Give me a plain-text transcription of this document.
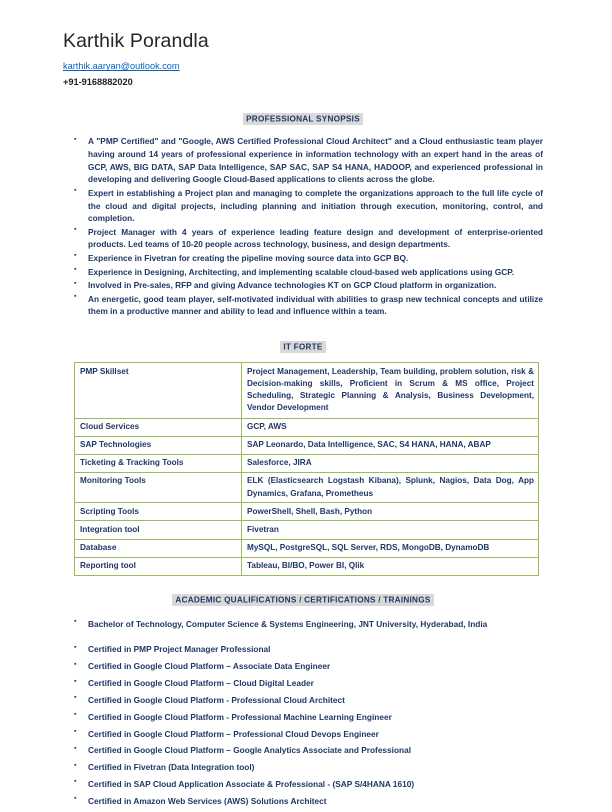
Karthik Porandla
karthik.aaryan@outlook.com
+91-9168882020
PROFESSIONAL SYNOPSIS
▪ A "PMP Certified" and "Google, AWS Certified Professional Cloud Architect" and a Cloud enthusiastic team player having around 14 years of professional experience in information technology with an expert hand in the areas of GCP, AWS, BIG DATA, SAP Data Intelligence, SAP SAC, SAP S4 HANA, HADOOP, and experienced professional in developing and delivering Google Cloud-Based applications to clients across the globe.
▪ Expert in establishing a Project plan and managing to complete the organizations approach to the full life cycle of the cloud and digital projects, including planning and initiation through execution, monitoring, control, and completion.
▪ Project Manager with 4 years of experience leading feature design and development of enterprise-oriented products. Led teams of 10-20 people across technology, business, and design departments.
▪ Experience in Fivetran for creating the pipeline moving source data into GCP BQ.
▪ Experience in Designing, Architecting, and implementing scalable cloud-based web applications using GCP.
▪ Involved in Pre-sales, RFP and giving Advance technologies KT on GCP Cloud platform in organization.
▪ An energetic, good team player, self-motivated individual with abilities to grasp new technical concepts and utilize them in a productive manner and ability to lead and influence within a team.
IT FORTE
PMP Skillset	Project Management, Leadership, Team building, problem solution, risk & Decision-making skills, Proficient in Scrum & MS office, Project Scheduling, Strategic Planning & Analysis, Business Development, Vendor Development
Cloud Services	GCP, AWS
SAP Technologies	SAP Leonardo, Data Intelligence, SAC, S4 HANA, HANA, ABAP
Ticketing & Tracking Tools	Salesforce, JIRA
Monitoring Tools	ELK (Elasticsearch Logstash Kibana), Splunk, Nagios, Data Dog, App Dynamics, Grafana, Prometheus
Scripting Tools	PowerShell, Shell, Bash, Python
Integration tool	Fivetran
Database	MySQL, PostgreSQL, SQL Server, RDS, MongoDB, DynamoDB
Reporting tool	Tableau, BI/BO, Power BI, Qlik
ACADEMIC QUALIFICATIONS / CERTIFICATIONS / TRAININGS
▪ Bachelor of Technology, Computer Science & Systems Engineering, JNT University, Hyderabad, India
▪ Certified in PMP Project Manager Professional
▪ Certified in Google Cloud Platform – Associate Data Engineer
▪ Certified in Google Cloud Platform – Cloud Digital Leader
▪ Certified in Google Cloud Platform - Professional Cloud Architect
▪ Certified in Google Cloud Platform - Professional Machine Learning Engineer
▪ Certified in Google Cloud Platform – Professional Cloud Devops Engineer
▪ Certified in Google Cloud Platform – Google Analytics Associate and Professional
▪ Certified in Fivetran (Data Integration tool)
▪ Certified in SAP Cloud Application Associate & Professional - (SAP S/4HANA 1610)
▪ Certified in Amazon Web Services (AWS) Solutions Architect
